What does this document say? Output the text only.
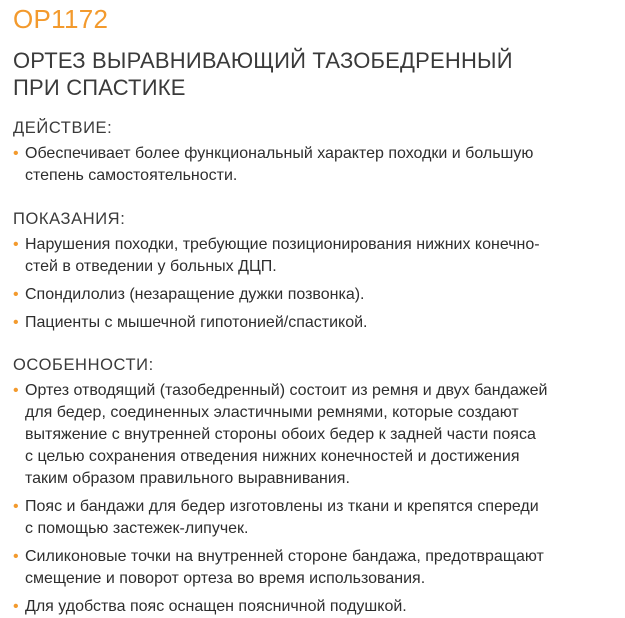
OP1172
ОРТЕЗ ВЫРАВНИВАЮЩИЙ ТАЗОБЕДРЕННЫЙ
ПРИ СПАСТИКЕ
ДЕЙСТВИЕ:
• Обеспечивает более функциональный характер походки и большую
степень самостоятельности.
ПОКАЗАНИЯ:
• Нарушения походки, требующие позиционирования нижних конечно-
стей в отведении у больных ДЦП.
• Спондилолиз (незаращение дужки позвонка).
• Пациенты с мышечной гипотонией/спастикой.
ОСОБЕННОСТИ:
• Ортез отводящий (тазобедренный) состоит из ремня и двух бандажей
для бедер, соединенных эластичными ремнями, которые создают
вытяжение с внутренней стороны обоих бедер к задней части пояса
с целью сохранения отведения нижних конечностей и достижения
таким образом правильного выравнивания.
• Пояс и бандажи для бедер изготовлены из ткани и крепятся спереди
с помощью застежек-липучек.
• Силиконовые точки на внутренней стороне бандажа, предотвращают
смещение и поворот ортеза во время использования.
• Для удобства пояс оснащен поясничной подушкой.
